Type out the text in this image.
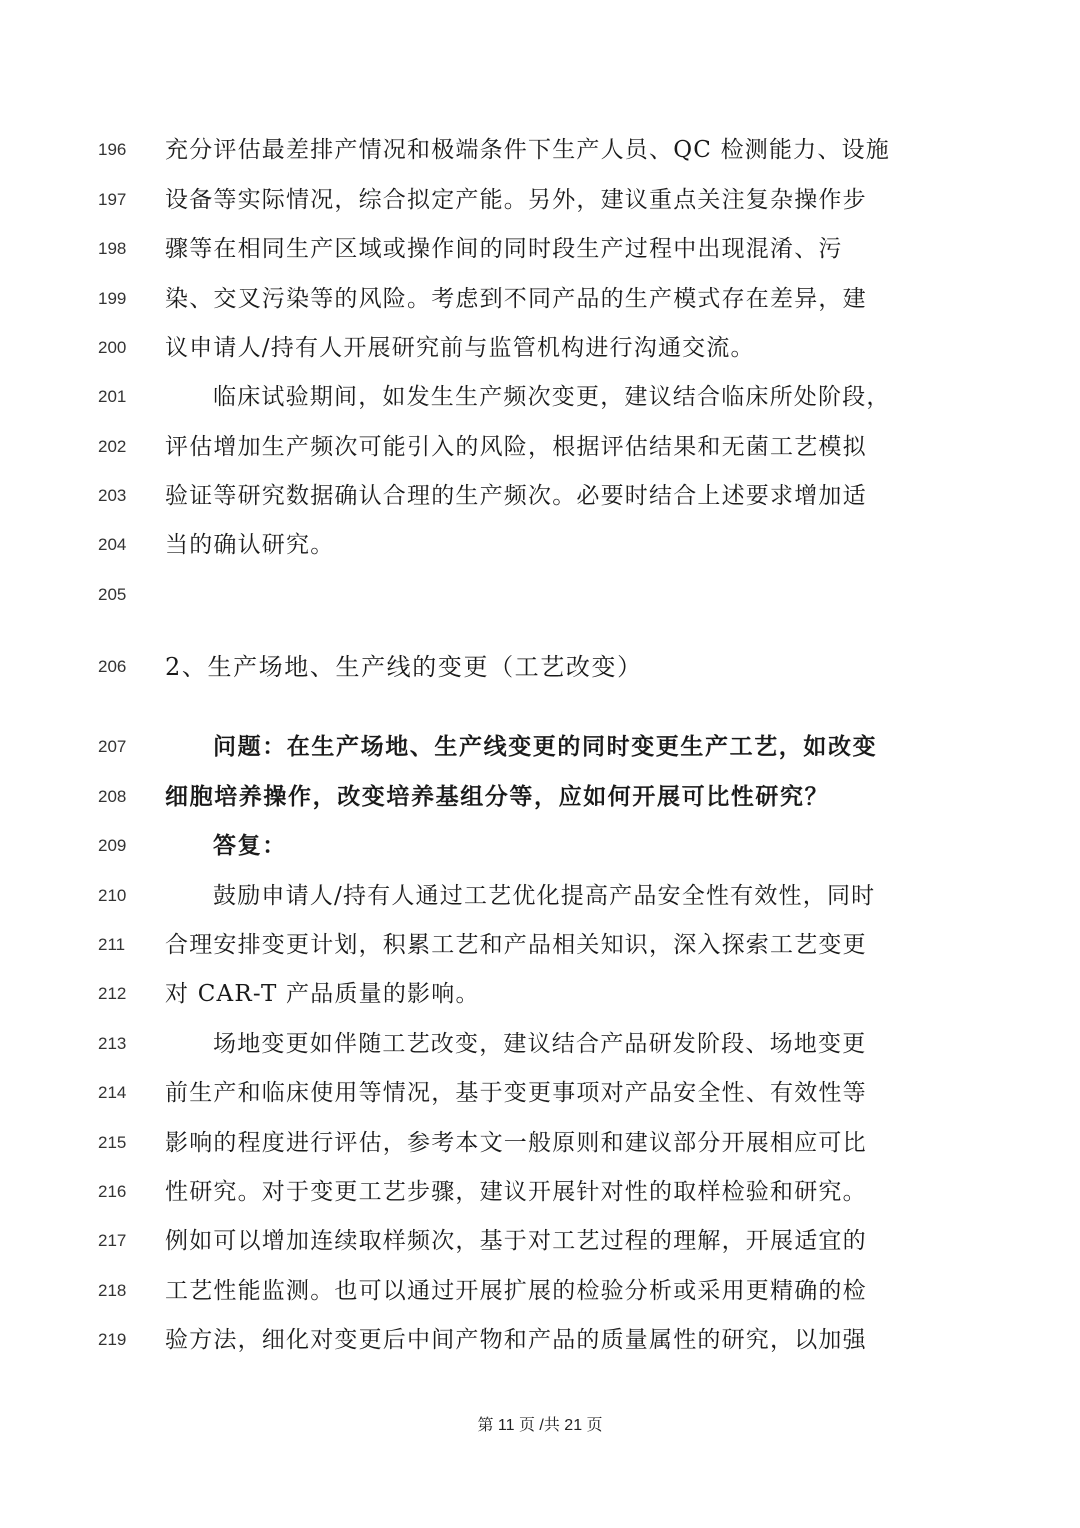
196	充分评估最差排产情况和极端条件下生产人员、QC 检测能力、设施
197	设备等实际情况，综合拟定产能。另外，建议重点关注复杂操作步
198	骤等在相同生产区域或操作间的同时段生产过程中出现混淆、污
199	染、交叉污染等的风险。考虑到不同产品的生产模式存在差异，建
200	议申请人/持有人开展研究前与监管机构进行沟通交流。
201	临床试验期间，如发生生产频次变更，建议结合临床所处阶段，
202	评估增加生产频次可能引入的风险，根据评估结果和无菌工艺模拟
203	验证等研究数据确认合理的生产频次。必要时结合上述要求增加适
204	当的确认研究。
205
206	2、生产场地、生产线的变更（工艺改变）
207	问题：在生产场地、生产线变更的同时变更生产工艺，如改变
208	细胞培养操作，改变培养基组分等，应如何开展可比性研究？
209	答复：
210	鼓励申请人/持有人通过工艺优化提高产品安全性有效性，同时
211	合理安排变更计划，积累工艺和产品相关知识，深入探索工艺变更
212	对 CAR-T 产品质量的影响。
213	场地变更如伴随工艺改变，建议结合产品研发阶段、场地变更
214	前生产和临床使用等情况，基于变更事项对产品安全性、有效性等
215	影响的程度进行评估，参考本文一般原则和建议部分开展相应可比
216	性研究。对于变更工艺步骤，建议开展针对性的取样检验和研究。
217	例如可以增加连续取样频次，基于对工艺过程的理解，开展适宜的
218	工艺性能监测。也可以通过开展扩展的检验分析或采用更精确的检
219	验方法，细化对变更后中间产物和产品的质量属性的研究，以加强
第 11 页 /共 21 页
